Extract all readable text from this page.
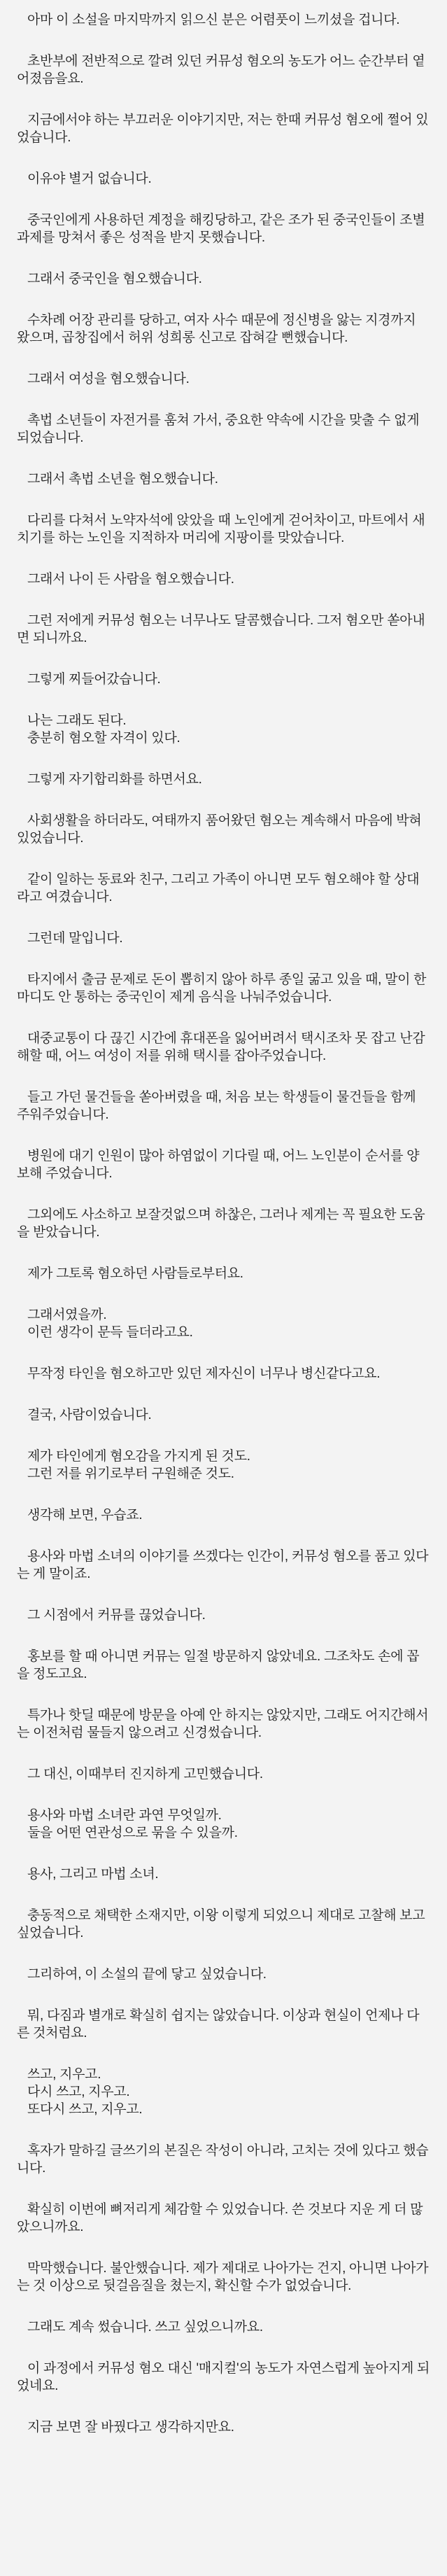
아마 이 소설을 마지막까지 읽으신 분은 어렴풋이 느끼셨을 겁니다.

초반부에 전반적으로 깔려 있던 커뮤성 혐오의 농도가 어느 순간부터 옅어졌음을요.

지금에서야 하는 부끄러운 이야기지만, 저는 한때 커뮤성 혐오에 쩔어 있었습니다.

이유야 별거 없습니다.

중국인에게 사용하던 계정을 해킹당하고, 같은 조가 된 중국인들이 조별 과제를 망쳐서 좋은 성적을 받지 못했습니다.

그래서 중국인을 혐오했습니다.

수차례 어장 관리를 당하고, 여자 사수 때문에 정신병을 앓는 지경까지 왔으며, 곱창집에서 허위 성희롱 신고로 잡혀갈 뻔했습니다.

그래서 여성을 혐오했습니다.

촉법 소년들이 자전거를 훔쳐 가서, 중요한 약속에 시간을 맞출 수 없게 되었습니다.

그래서 촉법 소년을 혐오했습니다.

다리를 다쳐서 노약자석에 앉았을 때 노인에게 걷어차이고, 마트에서 새치기를 하는 노인을 지적하자 머리에 지팡이를 맞았습니다.

그래서 나이 든 사람을 혐오했습니다.

그런 저에게 커뮤성 혐오는 너무나도 달콤했습니다. 그저 혐오만 쏟아내면 되니까요.

그렇게 찌들어갔습니다.

나는 그래도 된다.

충분히 혐오할 자격이 있다.

그렇게 자기합리화를 하면서요.

사회생활을 하더라도, 여태까지 품어왔던 혐오는 계속해서 마음에 박혀 있었습니다.

같이 일하는 동료와 친구, 그리고 가족이 아니면 모두 혐오해야 할 상대라고 여겼습니다.

그런데 말입니다.

타지에서 출금 문제로 돈이 뽑히지 않아 하루 종일 굶고 있을 때, 말이 한마디도 안 통하는 중국인이 제게 음식을 나눠주었습니다.

대중교통이 다 끊긴 시간에 휴대폰을 잃어버려서 택시조차 못 잡고 난감해할 때, 어느 여성이 저를 위해 택시를 잡아주었습니다.

들고 가던 물건들을 쏟아버렸을 때, 처음 보는 학생들이 물건들을 함께 주워주었습니다.

병원에 대기 인원이 많아 하염없이 기다릴 때, 어느 노인분이 순서를 양보해 주었습니다.

그외에도 사소하고 보잘것없으며 하찮은, 그러나 제게는 꼭 필요한 도움을 받았습니다.

제가 그토록 혐오하던 사람들로부터요.

그래서였을까.

이런 생각이 문득 들더라고요.

무작정 타인을 혐오하고만 있던 제자신이 너무나 병신같다고요.

결국, 사람이었습니다.

제가 타인에게 혐오감을 가지게 된 것도.

그런 저를 위기로부터 구원해준 것도.

생각해 보면, 우습죠.

용사와 마법 소녀의 이야기를 쓰겠다는 인간이, 커뮤성 혐오를 품고 있다는 게 말이죠.

그 시점에서 커뮤를 끊었습니다.

홍보를 할 때 아니면 커뮤는 일절 방문하지 않았네요. 그조차도 손에 꼽을 정도고요.

특가나 핫딜 때문에 방문을 아예 안 하지는 않았지만, 그래도 어지간해서는 이전처럼 물들지 않으려고 신경썼습니다.

그 대신, 이때부터 진지하게 고민했습니다.

용사와 마법 소녀란 과연 무엇일까.

둘을 어떤 연관성으로 묶을 수 있을까.

용사, 그리고 마법 소녀.

충동적으로 채택한 소재지만, 이왕 이렇게 되었으니 제대로 고찰해 보고 싶었습니다.

그리하여, 이 소설의 끝에 닿고 싶었습니다.

뭐, 다짐과 별개로 확실히 쉽지는 않았습니다. 이상과 현실이 언제나 다른 것처럼요.

쓰고, 지우고.

다시 쓰고, 지우고.

또다시 쓰고, 지우고.

혹자가 말하길 글쓰기의 본질은 작성이 아니라, 고치는 것에 있다고 했습니다.

확실히 이번에 뼈저리게 체감할 수 있었습니다. 쓴 것보다 지운 게 더 많았으니까요.

막막했습니다. 불안했습니다. 제가 제대로 나아가는 건지, 아니면 나아가는 것 이상으로 뒷걸음질을 쳤는지, 확신할 수가 없었습니다.

그래도 계속 썼습니다. 쓰고 싶었으니까요.

이 과정에서 커뮤성 혐오 대신 '매지컬'의 농도가 자연스럽게 높아지게 되었네요.

지금 보면 잘 바꿨다고 생각하지만요.
